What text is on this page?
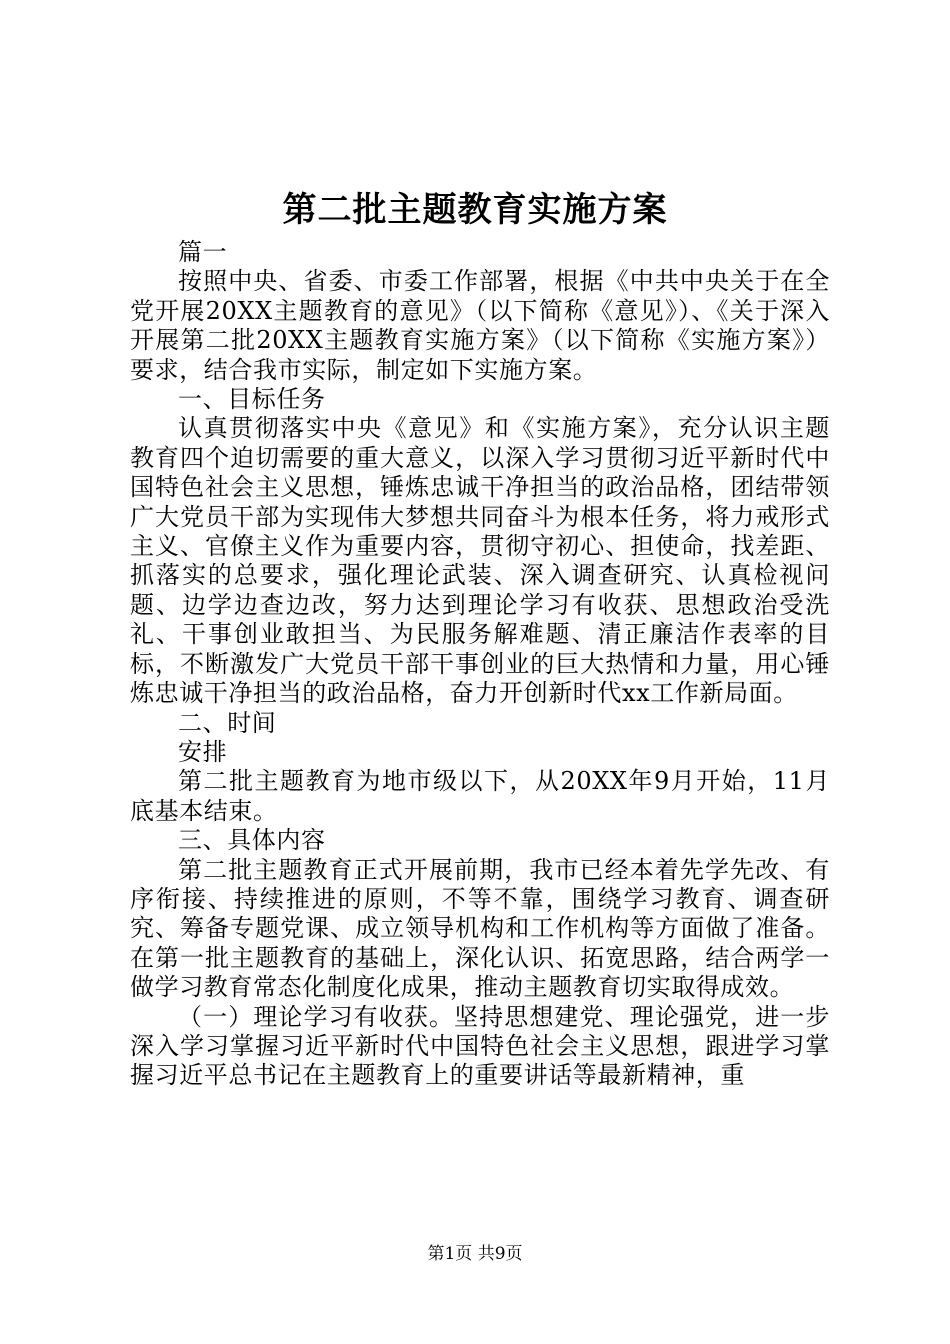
第二批主题教育实施方案

篇一

按照中央、省委、市委工作部署，根据《中共中央关于在全党开展20XX主题教育的意见》（以下简称《意见》）、《关于深入开展第二批20XX主题教育实施方案》（以下简称《实施方案》）要求，结合我市实际，制定如下实施方案。

一、目标任务

认真贯彻落实中央《意见》和《实施方案》，充分认识主题教育四个迫切需要的重大意义，以深入学习贯彻习近平新时代中国特色社会主义思想，锤炼忠诚干净担当的政治品格，团结带领广大党员干部为实现伟大梦想共同奋斗为根本任务，将力戒形式主义、官僚主义作为重要内容，贯彻守初心、担使命，找差距、抓落实的总要求，强化理论武装、深入调查研究、认真检视问题、边学边查边改，努力达到理论学习有收获、思想政治受洗礼、干事创业敢担当、为民服务解难题、清正廉洁作表率的目标，不断激发广大党员干部干事创业的巨大热情和力量，用心锤炼忠诚干净担当的政治品格，奋力开创新时代xx工作新局面。

二、时间

安排

第二批主题教育为地市级以下，从20XX年9月开始，11月底基本结束。

三、具体内容

第二批主题教育正式开展前期，我市已经本着先学先改、有序衔接、持续推进的原则，不等不靠，围绕学习教育、调查研究、筹备专题党课、成立领导机构和工作机构等方面做了准备。在第一批主题教育的基础上，深化认识、拓宽思路，结合两学一做学习教育常态化制度化成果，推动主题教育切实取得成效。

（一）理论学习有收获。坚持思想建党、理论强党，进一步深入学习掌握习近平新时代中国特色社会主义思想，跟进学习掌握习近平总书记在主题教育上的重要讲话等最新精神，重

第1页 共9页
